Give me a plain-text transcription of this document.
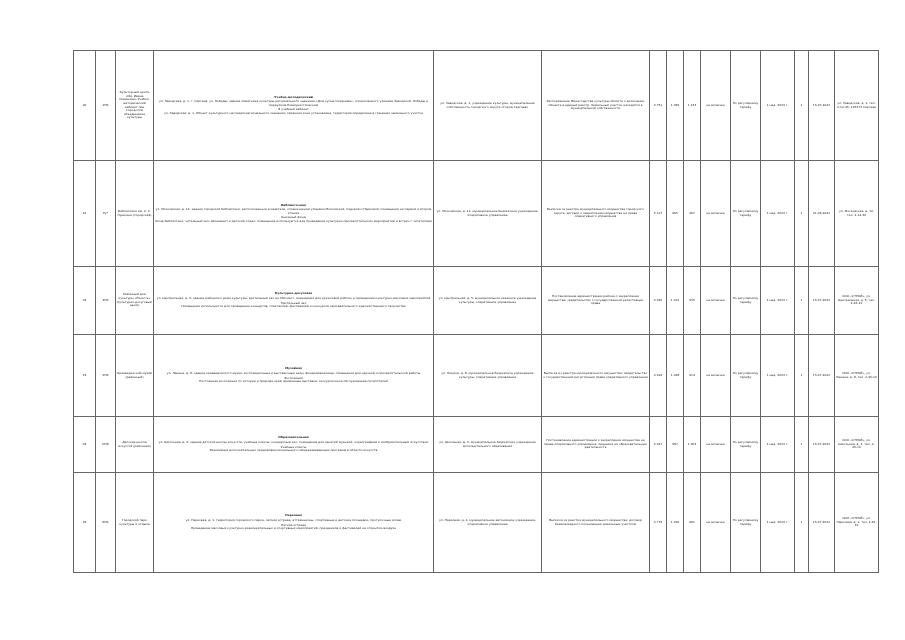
90	1НК	Культурный центр «Им. Ивана Смирнова» Учебно-методический кабинет при Городском объединении культуры	Учебно-методический
ул. Заводская, д. 1; г. Сергеев, ул. Победы; здание памятника культуры регионального значения «Дом купца Смирнова», ограниченного улицами Заводской, Победы и переулком Коммунистическим
В учебный кабинет
ул. Заводская, д. 1. Объект культурного наследия регионального значения; охранная зона установлена, территория определена в границах земельного участка	ул. Заводская, д. 1, учреждение культуры, муниципальная собственность городского округа «Город Сергеев»	Распоряжение Министерства культуры области о включении объекта в единый реестр. Земельный участок находится в муниципальной собственности	4 751	1 065	1 153	не включен	По регулярному тарифу	1 нед. 2023 г.	1	15.07.2022	ул. Заводская, д. 1, тел. 2-12-45, 125373 Сергеев
91	Ру*	Библиотека им. А. С. Пушкина (городская)	Библиотечная
ул. Московская, д. 12; здание городской библиотеки, расположенное в квартале, ограниченном улицами Московской, Садовой и Парковой; помещения на первом и втором этажах
Книжный фонд
Фонд библиотеки, читальный зал, абонемент и детский отдел; помещения используются для проведения культурно-просветительских мероприятий и встреч с читателями	ул. Московская, д. 12, муниципальное бюджетное учреждение, оперативное управление	Выписка из реестра муниципального имущества городского округа; договор о закреплении имущества на праве оперативного управления	5 127	965	467	не включен	По регулярному тарифу	1 нед. 2023 г.	1	01.06.2022	ул. Московская, д. 12, тел. 2-14-30
92	4НК	Районный дом культуры «Юность» Культурно-досуговый центр	Культурно-досуговая
ул. Центральная, д. 5; здание районного дома культуры, зрительный зал на 300 мест, помещения для кружковой работы и проведения культурно-массовых мероприятий
Зрительный зал
Помещения используются для проведения концертов, спектаклей, фестивалей и конкурсов самодеятельного художественного творчества	ул. Центральная, д. 5, муниципальное казенное учреждение культуры, оперативное управление	Постановление администрации района о закреплении имущества; свидетельство о государственной регистрации права	4 920	1 012	935	не включен	По регулярному тарифу	1 нед. 2023 г.	1	15.07.2022	ООО «СТРОЙ», ул. Центральная, д. 5, тел. 2-45-10
93	5НК	Краеведческий музей (районный)	Музейная
ул. Ленина, д. 8; здание краеведческого музея, экспозиционные и выставочные залы, фондохранилище, помещения для научной и просветительской работы
Экспозиция
Постоянная экспозиция по истории и природе края; временные выставки; экскурсионное обслуживание посетителей	ул. Ленина, д. 8, муниципальное бюджетное учреждение культуры, оперативное управление	Выписка из реестра муниципального имущества; свидетельство о государственной регистрации права оперативного управления	4 916	1 048	914	не включен	По регулярному тарифу	1 нед. 2023 г.	1	15.07.2022	ООО «СТРОЙ», ул. Ленина, д. 8, тел. 2-45-10
94	ОНК	Детская школа искусств (районная)	Образовательная
ул. Школьная, д. 3; здание детской школы искусств, учебные классы, концертный зал, помещения для занятий музыкой, хореографией и изобразительным искусством
Учебные классы
Реализация дополнительных предпрофессиональных и общеразвивающих программ в области искусств	ул. Школьная, д. 3, муниципальное бюджетное учреждение дополнительного образования	Постановление администрации о закреплении имущества на праве оперативного управления; лицензия на образовательную деятельность	5 027	987	1 003	не включен	По регулярному тарифу	1 нед. 2023 г.	1	15.07.2022	ООО «СТРОЙ», ул. Школьная, д. 3, тел. 2-45-10
95	6НК	Городской парк культуры и отдыха	Парковая
ул. Парковая, д. 1; территория городского парка, летняя эстрада, аттракционы, спортивные и детские площадки, прогулочные аллеи
Летняя эстрада
Проведение массовых культурно-развлекательных и спортивных мероприятий, праздников и фестивалей на открытом воздухе	ул. Парковая, д. 1, муниципальное автономное учреждение, оперативное управление	Выписка из реестра муниципального имущества; договор безвозмездного пользования земельным участком	4 776	1 026	981	не включен	По регулярному тарифу	1 нед. 2023 г.	1	15.07.2022	ООО «СТРОЙ», ул. Парковая, д. 1, тел. 2-45-10
